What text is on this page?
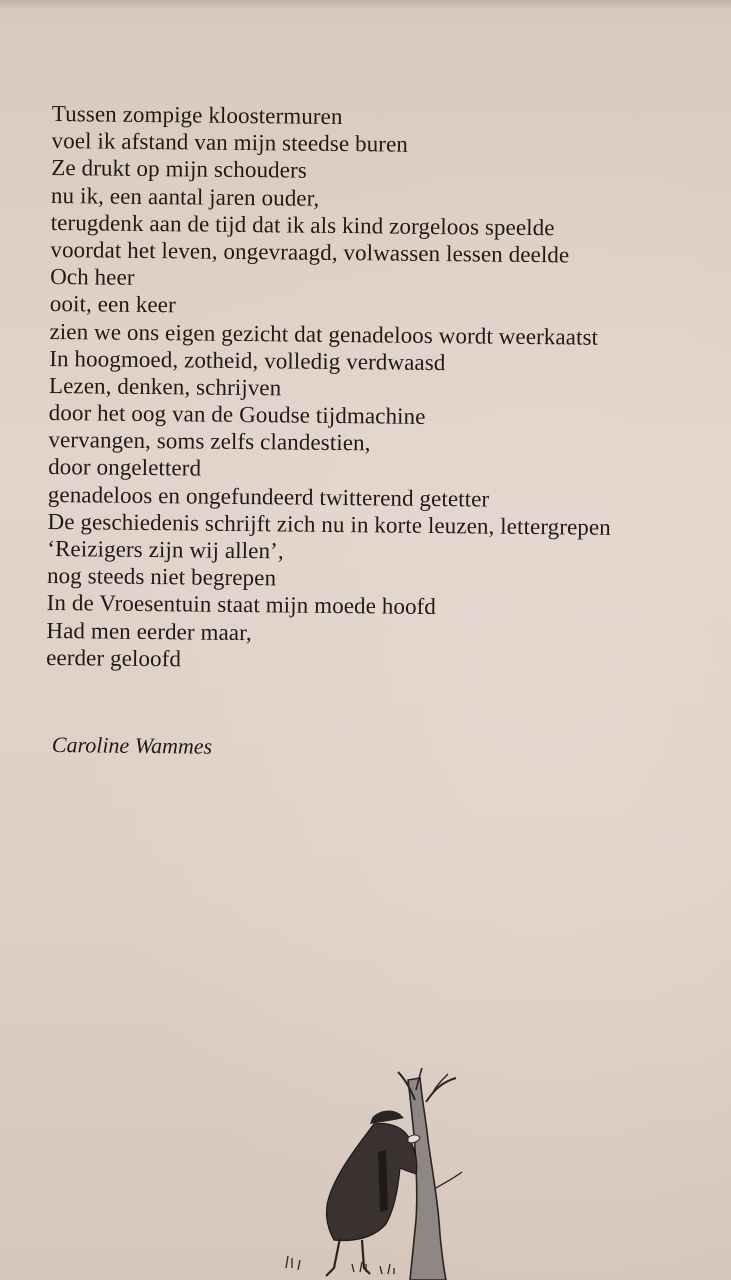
Tussen zompige kloostermuren
voel ik afstand van mijn steedse buren
Ze drukt op mijn schouders
nu ik, een aantal jaren ouder,
terugdenk aan de tijd dat ik als kind zorgeloos speelde
voordat het leven, ongevraagd, volwassen lessen deelde
Och heer
ooit, een keer
zien we ons eigen gezicht dat genadeloos wordt weerkaatst
In hoogmoed, zotheid, volledig verdwaasd
Lezen, denken, schrijven
door het oog van de Goudse tijdmachine
vervangen, soms zelfs clandestien,
door ongeletterd
genadeloos en ongefundeerd twitterend getetter
De geschiedenis schrijft zich nu in korte leuzen, lettergrepen
‘Reizigers zijn wij allen’,
nog steeds niet begrepen
In de Vroesentuin staat mijn moede hoofd
Had men eerder maar,
eerder geloofd
Caroline Wammes
